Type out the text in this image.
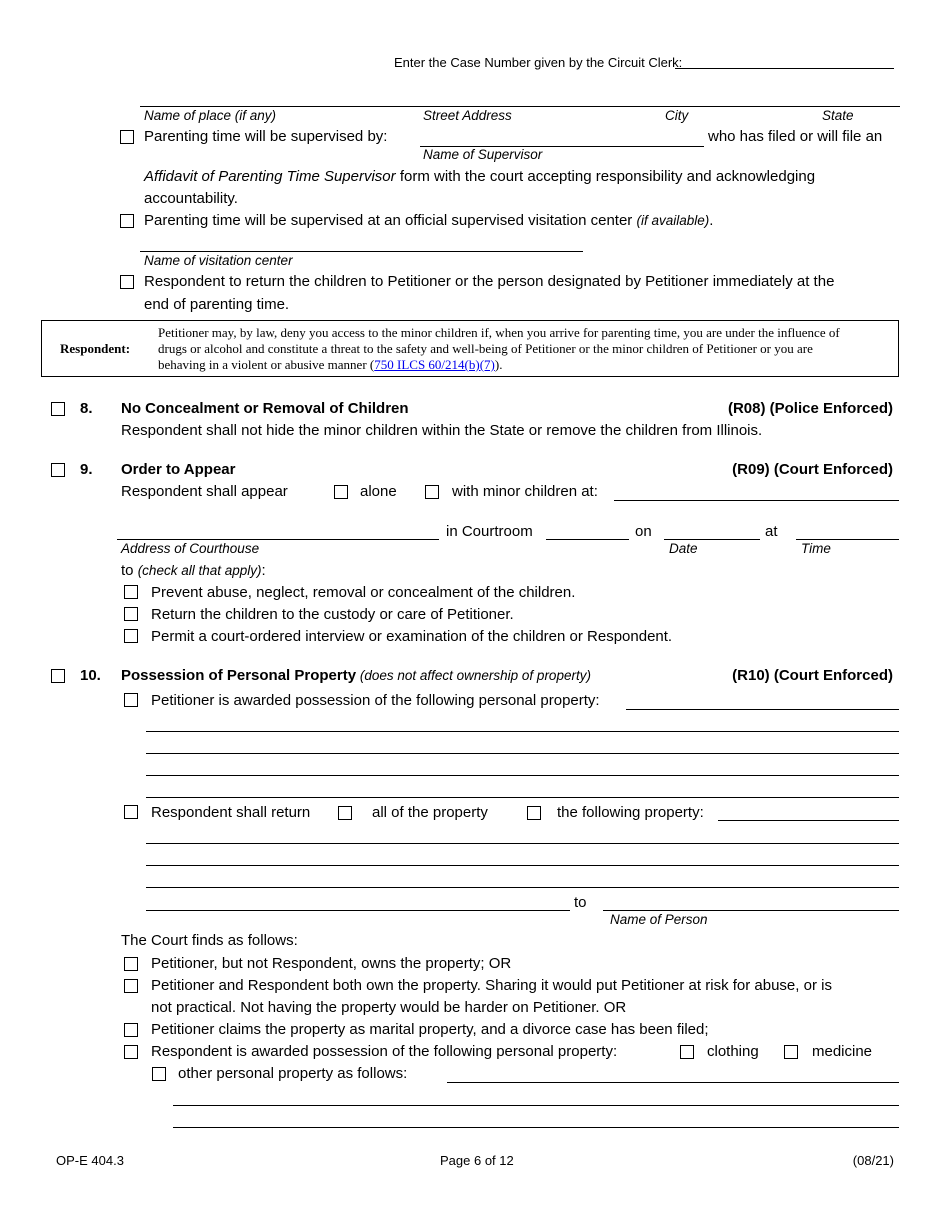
Enter the Case Number given by the Circuit Clerk:
Name of place (if any)	Street Address	City	State
Parenting time will be supervised by:	who has filed or will file an
Name of Supervisor
Affidavit of Parenting Time Supervisor form with the court accepting responsibility and acknowledging
accountability.
Parenting time will be supervised at an official supervised visitation center (if available).
Name of visitation center
Respondent to return the children to Petitioner or the person designated by Petitioner immediately at the
end of parenting time.
Respondent:
Petitioner may, by law, deny you access to the minor children if, when you arrive for parenting time, you are under the influence of
drugs or alcohol and constitute a threat to the safety and well-being of Petitioner or the minor children of Petitioner or you are
behaving in a violent or abusive manner (750 ILCS 60/214(b)(7)).
8. No Concealment or Removal of Children	(R08) (Police Enforced)
Respondent shall not hide the minor children within the State or remove the children from Illinois.
9. Order to Appear	(R09) (Court Enforced)
Respondent shall appear	alone	with minor children at:
in Courtroom	on	at
Address of Courthouse	Date	Time
to (check all that apply):
Prevent abuse, neglect, removal or concealment of the children.
Return the children to the custody or care of Petitioner.
Permit a court-ordered interview or examination of the children or Respondent.
10. Possession of Personal Property (does not affect ownership of property)	(R10) (Court Enforced)
Petitioner is awarded possession of the following personal property:
Respondent shall return	all of the property	the following property:
to
Name of Person
The Court finds as follows:
Petitioner, but not Respondent, owns the property; OR
Petitioner and Respondent both own the property. Sharing it would put Petitioner at risk for abuse, or is
not practical. Not having the property would be harder on Petitioner. OR
Petitioner claims the property as marital property, and a divorce case has been filed;
Respondent is awarded possession of the following personal property:	clothing	medicine
other personal property as follows:
OP-E 404.3	Page 6 of 12	(08/21)
